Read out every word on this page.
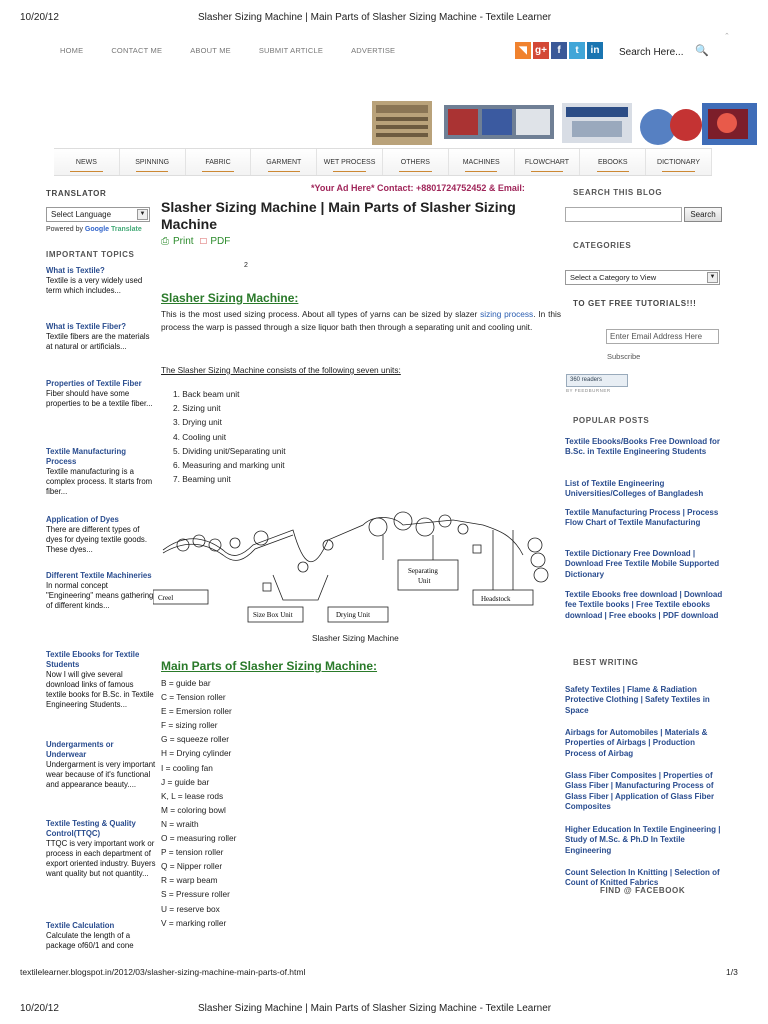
10/20/12	Slasher Sizing Machine | Main Parts of Slasher Sizing Machine - Textile Learner
HOME	CONTACT ME	ABOUT ME	SUBMIT ARTICLE	ADVERTISE	◥ g+	f	t	in	Search Here... 🔍
⌃
NEWS	SPINNING	FABRIC	GARMENT	WET PROCESS	OTHERS	MACHINES	FLOWCHART	EBOOKS	DICTIONARY
TRANSLATOR
Select Language	▼
Powered by Google Translate
IMPORTANT TOPICS
What is Textile?
Textile is a very widely used term which includes...
What is Textile Fiber?
Textile fibers are the materials at natural or artificials...
Properties of Textile Fiber
Fiber should have some properties to be a textile fiber...
Textile Manufacturing Process
Textile manufacturing is a complex process. It starts from fiber...
Application of Dyes
There are different types of dyes for dyeing textile goods. These dyes...
Different Textile Machineries
In normal concept "Engineering" means gathering of different kinds...
Textile Ebooks for Textile Students
Now I will give several download links of famous textile books for B.Sc. in Textile Engineering Students...
Undergarments or Underwear
Undergarment is very important wear because of it's functional and appearance beauty....
Textile Testing & Quality Control(TTQC)
TTQC is very important work or process in each department of export oriented industry. Buyers want quality but not quantity...
Textile Calculation
Calculate the length of a package of60/1 and cone
*Your Ad Here* Contact: +8801724752452 & Email:
Slasher Sizing Machine | Main Parts of Slasher Sizing Machine
⎙ Print □ PDF
2
Slasher Sizing Machine:
This is the most used sizing process. About all types of yarns can be sized by slazer sizing process. In this process the warp is passed through a size liquor bath then through a separating unit and cooling unit.
The Slasher Sizing Machine consists of the following seven units:
1. Back beam unit
2. Sizing unit
3. Drying unit
4. Cooling unit
5. Dividing unit/Separating unit
6. Measuring and marking unit
7. Beaming unit
Creel
Size Box Unit	Drying Unit
Separating
Unit
Headstock
Slasher Sizing Machine
Main Parts of Slasher Sizing Machine:
B = guide bar
C = Tension roller
E = Emersion roller
F = sizing roller
G = squeeze roller
H = Drying cylinder
I = cooling fan
J = guide bar
K, L = lease rods
M = coloring bowl
N = wraith
O = measuring roller
P = tension roller
Q = Nipper roller
R = warp beam
S = Pressure roller
U = reserve box
V = marking roller
SEARCH THIS BLOG
Search
CATEGORIES
Select a Category to View	▼
TO GET FREE TUTORIALS!!!
Enter Email Address Here
Subscribe
360 readers
BY FEEDBURNER
POPULAR POSTS
Textile Ebooks/Books Free Download for B.Sc. in Textile Engineering Students
List of Textile Engineering Universities/Colleges of Bangladesh
Textile Manufacturing Process | Process Flow Chart of Textile Manufacturing
Textile Dictionary Free Download | Download Free Textile Mobile Supported Dictionary
Textile Ebooks free download | Download fee Textile books | Free Textile ebooks download | Free ebooks | PDF download
BEST WRITING
Safety Textiles | Flame & Radiation Protective Clothing | Safety Textiles in Space
Airbags for Automobiles | Materials & Properties of Airbags | Production Process of Airbag
Glass Fiber Composites | Properties of Glass Fiber | Manufacturing Process of Glass Fiber | Application of Glass Fiber Composites
Higher Education In Textile Engineering | Study of M.Sc. & Ph.D In Textile Engineering
Count Selection In Knitting | Selection of Count of Knitted Fabrics
FIND @ FACEBOOK
textilelearner.blogspot.in/2012/03/slasher-sizing-machine-main-parts-of.html	1/3
10/20/12	Slasher Sizing Machine | Main Parts of Slasher Sizing Machine - Textile Learner
